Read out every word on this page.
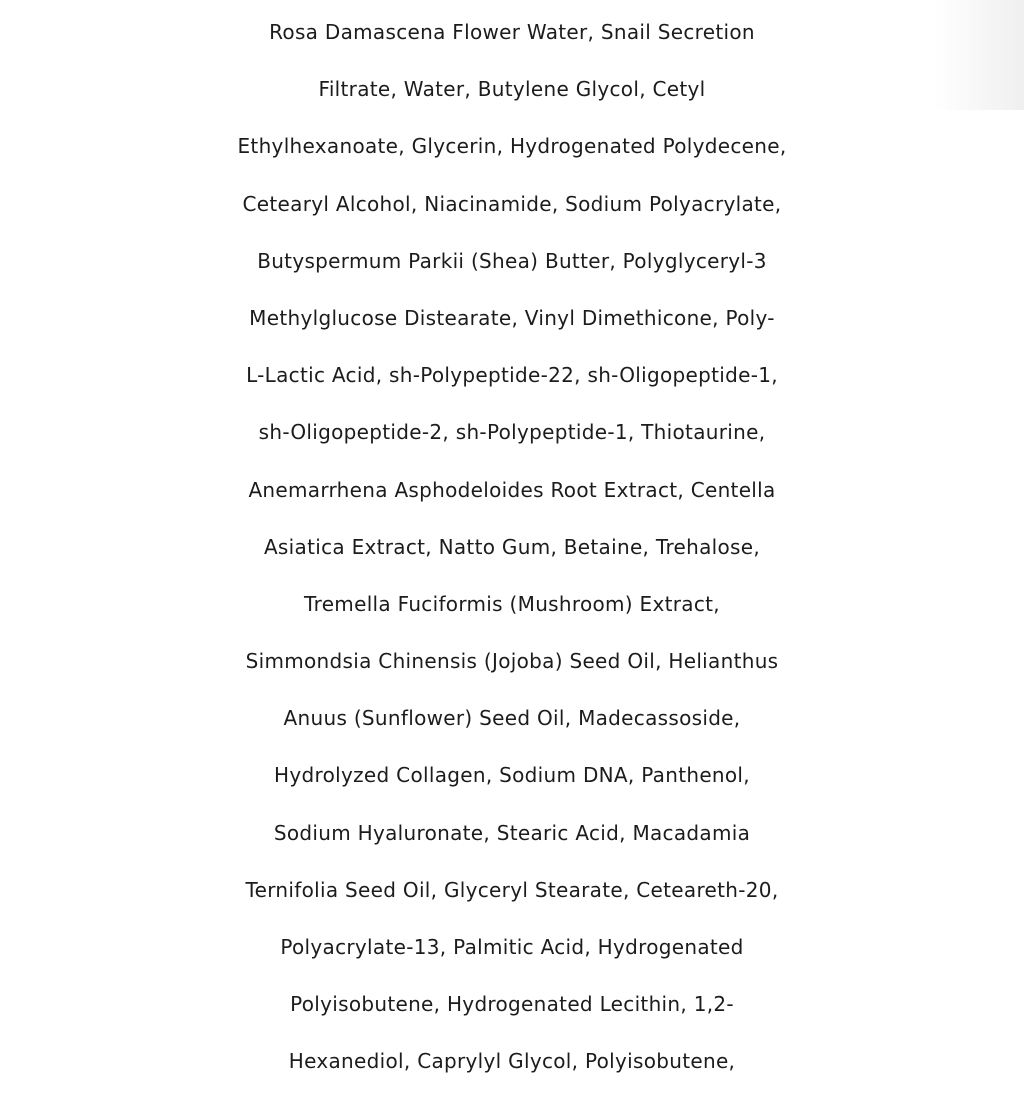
Rosa Damascena Flower Water, Snail Secretion
Filtrate, Water, Butylene Glycol, Cetyl
Ethylhexanoate, Glycerin, Hydrogenated Polydecene,
Cetearyl Alcohol, Niacinamide, Sodium Polyacrylate,
Butyspermum Parkii (Shea) Butter, Polyglyceryl-3
Methylglucose Distearate, Vinyl Dimethicone, Poly-
L-Lactic Acid, sh-Polypeptide-22, sh-Oligopeptide-1,
sh-Oligopeptide-2, sh-Polypeptide-1, Thiotaurine,
Anemarrhena Asphodeloides Root Extract, Centella
Asiatica Extract, Natto Gum, Betaine, Trehalose,
Tremella Fuciformis (Mushroom) Extract,
Simmondsia Chinensis (Jojoba) Seed Oil, Helianthus
Anuus (Sunflower) Seed Oil, Madecassoside,
Hydrolyzed Collagen, Sodium DNA, Panthenol,
Sodium Hyaluronate, Stearic Acid, Macadamia
Ternifolia Seed Oil, Glyceryl Stearate, Ceteareth-20,
Polyacrylate-13, Palmitic Acid, Hydrogenated
Polyisobutene, Hydrogenated Lecithin, 1,2-
Hexanediol, Caprylyl Glycol, Polyisobutene,
